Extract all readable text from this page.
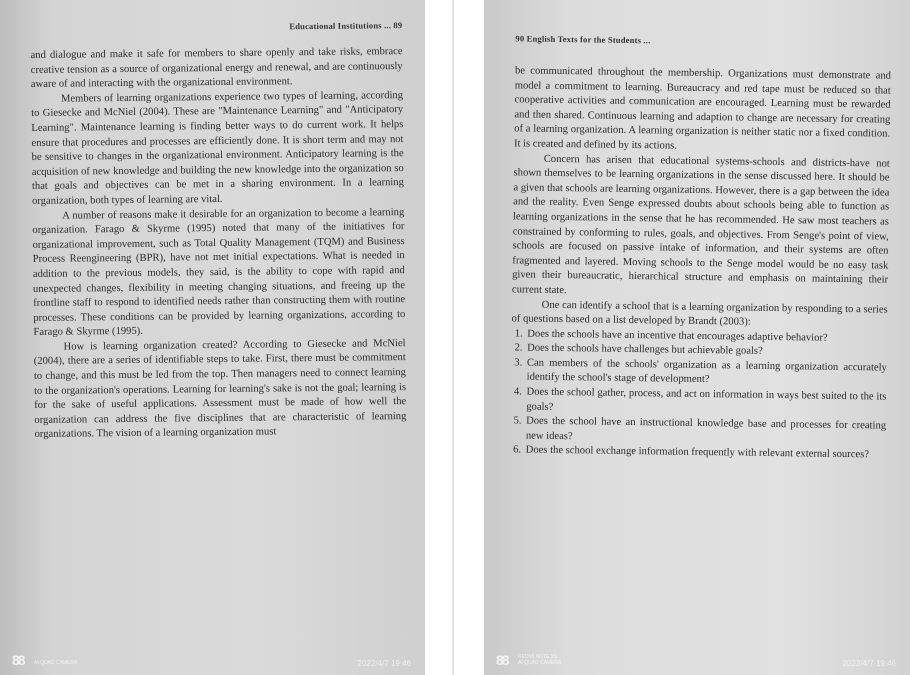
Educational Institutions ... 89

and dialogue and make it safe for members to share openly and take risks, embrace creative tension as a source of organizational energy and renewal, and are continuously aware of and interacting with the organizational environment.

Members of learning organizations experience two types of learning, according to Giesecke and McNiel (2004). These are "Maintenance Learning" and "Anticipatory Learning". Maintenance learning is finding better ways to do current work. It helps ensure that procedures and processes are efficiently done. It is short term and may not be sensitive to changes in the organizational environment. Anticipatory learning is the acquisition of new knowledge and building the new knowledge into the organization so that goals and objectives can be met in a sharing environment. In a learning organization, both types of learning are vital.

A number of reasons make it desirable for an organization to become a learning organization. Farago & Skyrme (1995) noted that many of the initiatives for organizational improvement, such as Total Quality Management (TQM) and Business Process Reengineering (BPR), have not met initial expectations. What is needed in addition to the previous models, they said, is the ability to cope with rapid and unexpected changes, flexibility in meeting changing situations, and freeing up the frontline staff to respond to identified needs rather than constructing them with routine processes. These conditions can be provided by learning organizations, according to Farago & Skyrme (1995).

How is learning organization created? According to Giesecke and McNiel (2004), there are a series of identifiable steps to take. First, there must be commitment to change, and this must be led from the top. Then managers need to connect learning to the organization's operations. Learning for learning's sake is not the goal; learning is for the sake of useful applications. Assessment must be made of how well the organization can address the five disciplines that are characteristic of learning organizations. The vision of a learning organization must

88 AI QUAD CAMERA	2022/4/7 19:46
90 English Texts for the Students ...

be communicated throughout the membership. Organizations must demonstrate and model a commitment to learning. Bureaucracy and red tape must be reduced so that cooperative activities and communication are encouraged. Learning must be rewarded and then shared. Continuous learning and adaption to change are necessary for creating of a learning organization. A learning organization is neither static nor a fixed condition. It is created and defined by its actions.

Concern has arisen that educational systems-schools and districts-have not shown themselves to be learning organizations in the sense discussed here. It should be a given that schools are learning organizations. However, there is a gap between the idea and the reality. Even Senge expressed doubts about schools being able to function as learning organizations in the sense that he has recommended. He saw most teachers as constrained by conforming to rules, goals, and objectives. From Senge's point of view, schools are focused on passive intake of information, and their systems are often fragmented and layered. Moving schools to the Senge model would be no easy task given their bureaucratic, hierarchical structure and emphasis on maintaining their current state.

One can identify a school that is a learning organization by responding to a series of questions based on a list developed by Brandt (2003):

1. Does the schools have an incentive that encourages adaptive behavior?
2. Does the schools have challenges but achievable goals?
3. Can members of the schools' organization as a learning organization accurately identify the school's stage of development?
4. Does the school gather, process, and act on information in ways best suited to the its goals?
5. Does the school have an instructional knowledge base and processes for creating new ideas?
6. Does the school exchange information frequently with relevant external sources?
88 REDMI NOTE 9S
AI QUAD CAMERA	2022/4/7 19:46
